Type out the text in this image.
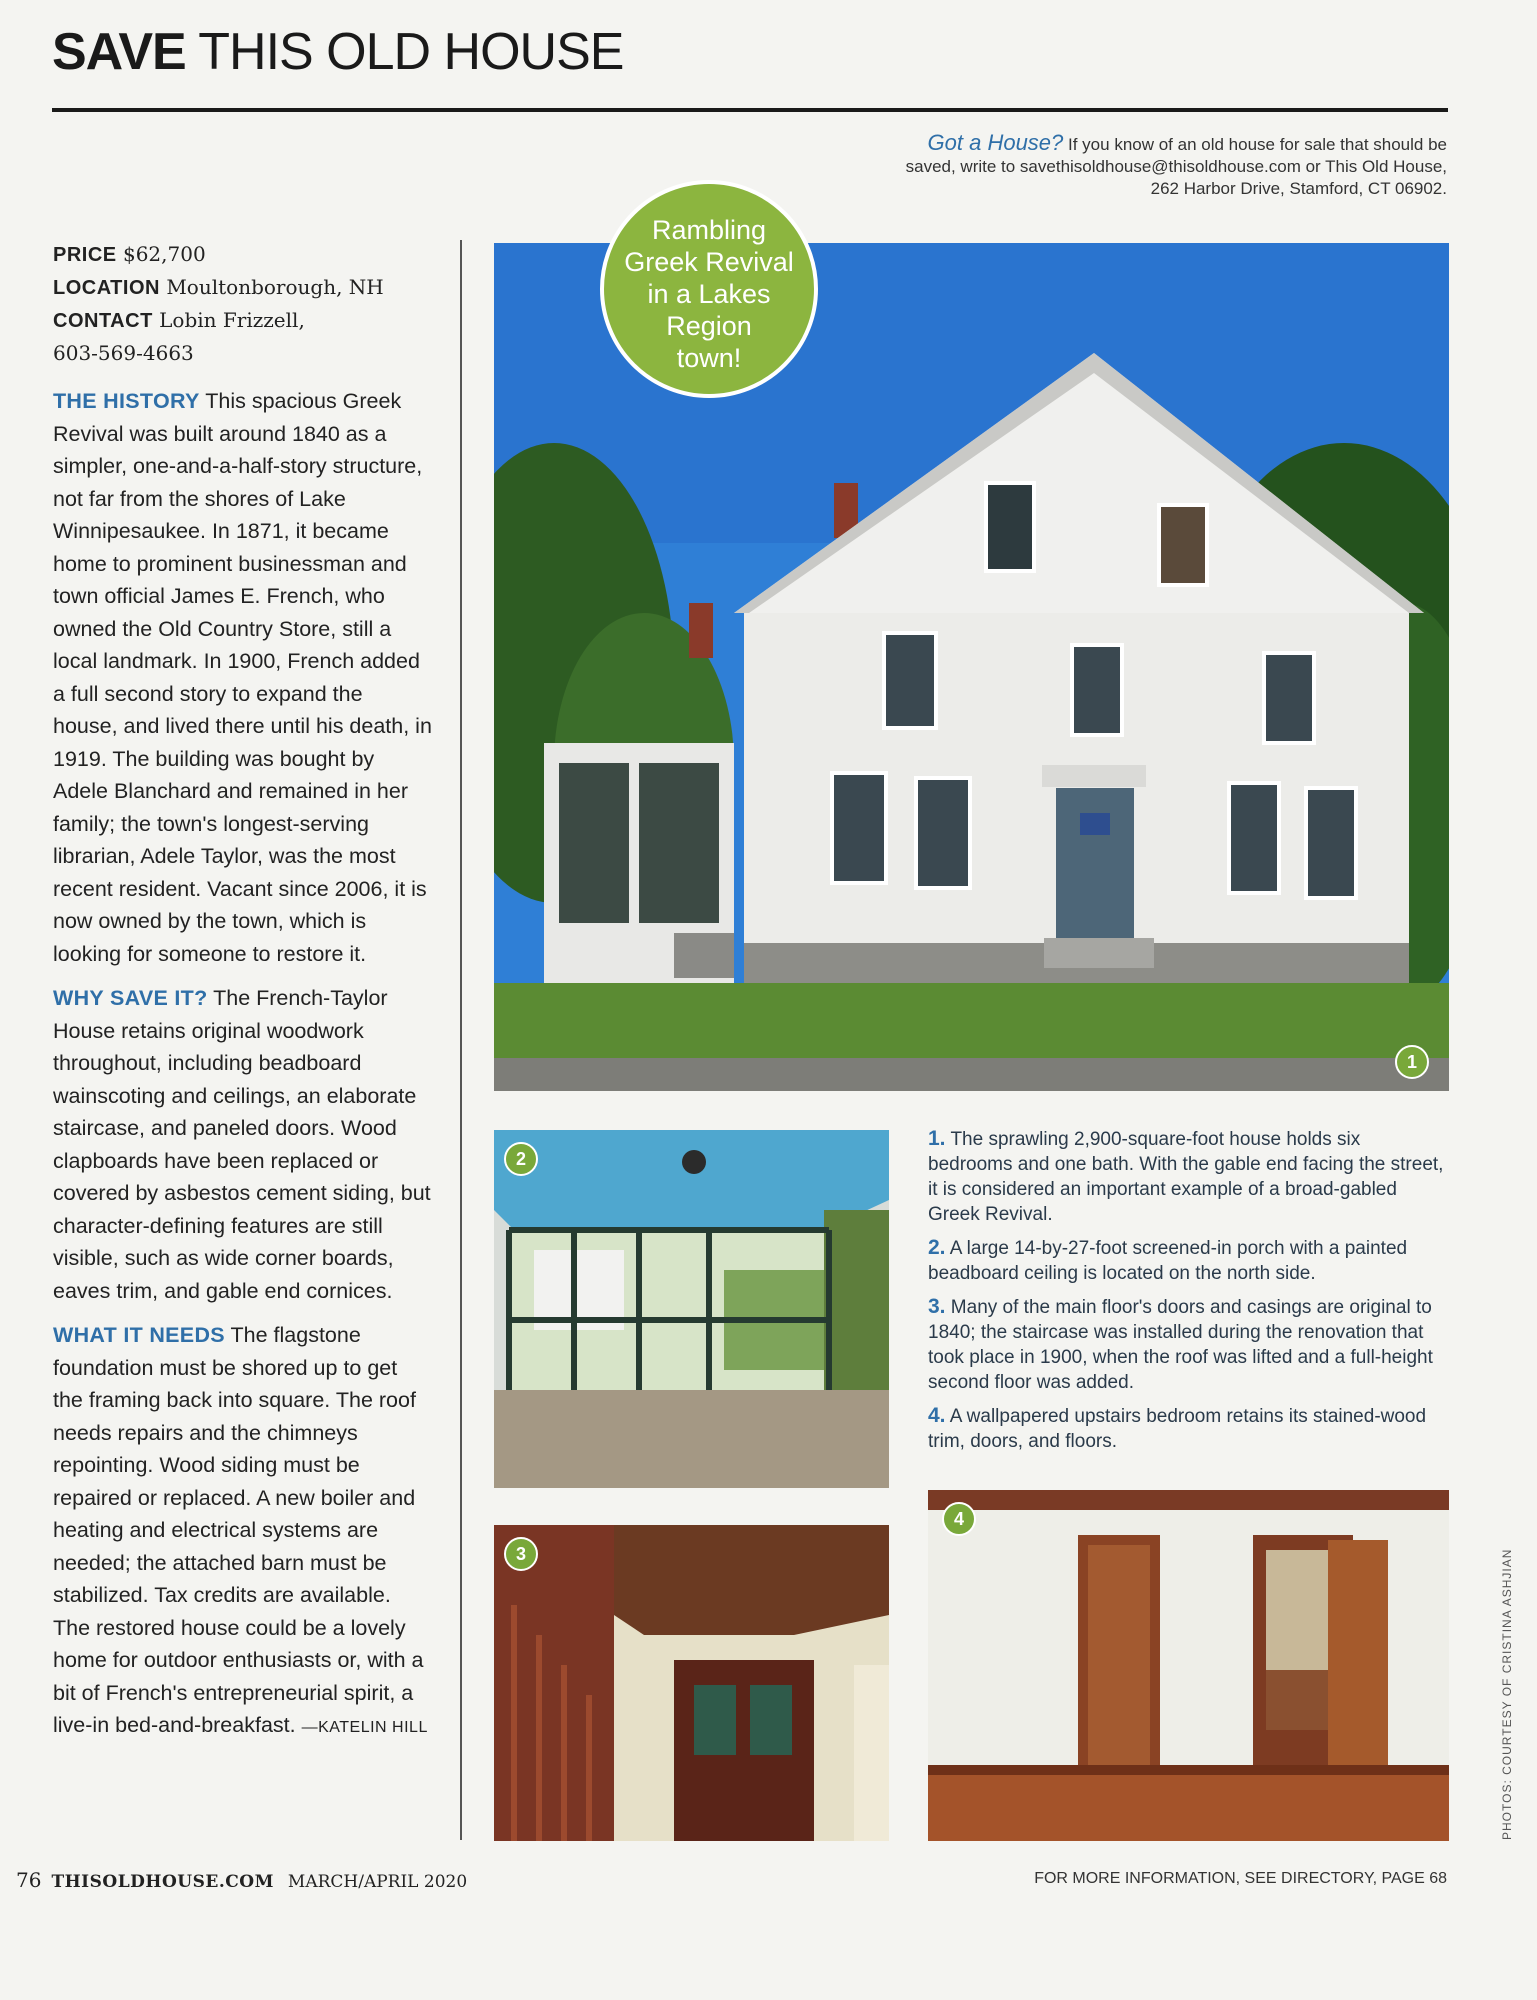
SAVE THIS OLD HOUSE
Got a House? If you know of an old house for sale that should be saved, write to savethisoldhouse@thisoldhouse.com or This Old House, 262 Harbor Drive, Stamford, CT 06902.
PRICE $62,700
LOCATION Moultonborough, NH
CONTACT Lobin Frizzell,
603-569-4663

THE HISTORY This spacious Greek Revival was built around 1840 as a simpler, one-and-a-half-story structure, not far from the shores of Lake Winnipesaukee. In 1871, it became home to prominent businessman and town official James E. French, who owned the Old Country Store, still a local landmark. In 1900, French added a full second story to expand the house, and lived there until his death, in 1919. The building was bought by Adele Blanchard and remained in her family; the town's longest-serving librarian, Adele Taylor, was the most recent resident. Vacant since 2006, it is now owned by the town, which is looking for someone to restore it.

WHY SAVE IT? The French-Taylor House retains original woodwork throughout, including beadboard wainscoting and ceilings, an elaborate staircase, and paneled doors. Wood clapboards have been replaced or covered by asbestos cement siding, but character-defining features are still visible, such as wide corner boards, eaves trim, and gable end cornices.

WHAT IT NEEDS The flagstone foundation must be shored up to get the framing back into square. The roof needs repairs and the chimneys repointing. Wood siding must be repaired or replaced. A new boiler and heating and electrical systems are needed; the attached barn must be stabilized. Tax credits are available. The restored house could be a lovely home for outdoor enthusiasts or, with a bit of French's entrepreneurial spirit, a live-in bed-and-breakfast. —KATELIN HILL

1
Rambling
Greek Revival
in a Lakes
Region
town!
2
3
4

1. The sprawling 2,900-square-foot house holds six bedrooms and one bath. With the gable end facing the street, it is considered an important example of a broad-gabled Greek Revival.

2. A large 14-by-27-foot screened-in porch with a painted beadboard ceiling is located on the north side.

3. Many of the main floor's doors and casings are original to 1840; the staircase was installed during the renovation that took place in 1900, when the roof was lifted and a full-height second floor was added.

4. A wallpapered upstairs bedroom retains its stained-wood trim, doors, and floors.

PHOTOS: COURTESY OF CRISTINA ASHJIAN
76 THISOLDHOUSE.COM MARCH/APRIL 2020	FOR MORE INFORMATION, SEE DIRECTORY, PAGE 68
